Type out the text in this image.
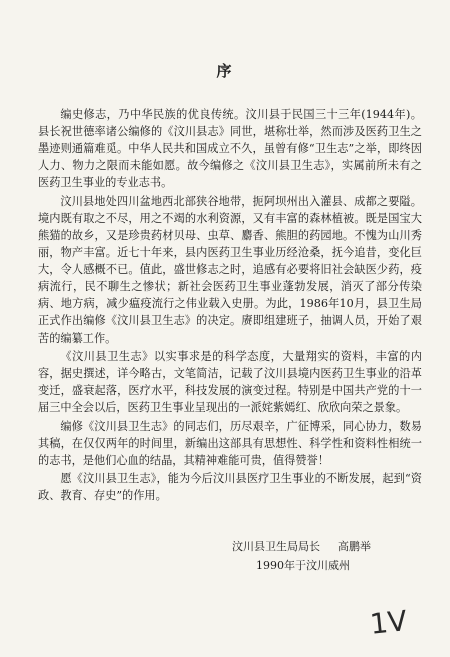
序

编史修志，乃中华民族的优良传统。汶川县于民国三十三年(1944年)。县长祝世德率诸公编修的《汶川县志》同世，堪称壮举，然而涉及医药卫生之墨迹则通篇难觅。中华人民共和国成立不久，虽曾有修“卫生志”之举，即终因人力、物力之限而未能如愿。故今编修之《汶川县卫生志》，实属前所未有之医药卫生事业的专业志书。

汶川县地处四川盆地西北部狭谷地带，扼阿坝州出入灌县、成都之要隘。境内既有取之不尽，用之不竭的水利资源，又有丰富的森林植被。既是国宝大熊猫的故乡，又是珍贵药材贝母、虫草、麝香、熊胆的药园地。不愧为山川秀丽，物产丰富。近七十年来，县内医药卫生事业历经沧桑，抚今追昔，变化巨大，令人感概不已。值此，盛世修志之时，追感有必要将旧社会缺医少药，疫病流行，民不聊生之惨状；新社会医药卫生事业蓬勃发展，消灭了部分传染病、地方病，减少瘟疫流行之伟业载入史册。为此，1986年10月，县卫生局正式作出编修《汶川县卫生志》的决定。赓即组建班子，抽调人员，开始了艰苦的编纂工作。

《汶川县卫生志》以实事求是的科学态度，大量翔实的资料，丰富的内容，据史撰述，详今略古，文笔简洁，记载了汶川县境内医药卫生事业的沿革变迁，盛衰起落，医疗水平，科技发展的演变过程。特别是中国共产党的十一届三中全会以后，医药卫生事业呈现出的一派姹紫嫣红、欣欣向荣之景象。

编修《汶川县卫生志》的同志们，历尽艰辛，广征博采，同心协力，数易其稿，在仅仅两年的时间里，新编出这部具有思想性、科学性和资料性相统一的志书，是他们心血的结晶，其精神难能可贵，值得赞誉！

愿《汶川县卫生志》，能为今后汶川县医疗卫生事业的不断发展，起到“资政、教育、存史”的作用。

汶川县卫生局局长 高鹏举
1990年于汶川威州
1V
